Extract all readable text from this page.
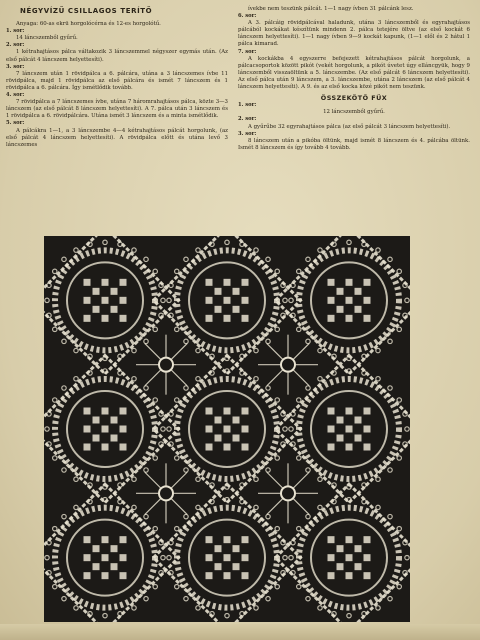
NÉGYVÍZŰ CSILLAGOS TERÍTŐ

Anyaga: 60-as ekrü horgolócérna és 12-es horgolótű.

1. sor:

14 láncszemből gyűrű.

2. sor:

1 kétrahajtásos pálca váltakozik 3 láncszemmel négyszer egymás után. (Az első pálcát 4 láncszem helyettesíti).

3. sor:

7 láncszem után 1 rövidpálca a 6. pálcára, utána a 3 láncszemes ívbe 11 rövidpálca, majd 1 rövidpálca az első pálcára és ismét 7 láncszem és 1 rövidpálca a 6. pálcára. Így ismétlődik tovább.

4. sor:

7 rövidpálca a 7 láncszemes ívbe, utána 7 háromrahajtásos pálca, közte 3—3 láncszem (az első pálcát 8 láncszem helyettesíti). A 7. pálca után 3 láncszem és 1 rövidpálca a 6. rövidpálcára. Utána ismét 3 láncszem és a minta ismétlődik.

5. sor:

A pálcákra 1—1, a 3 láncszembe 4—4 kétrahajtásos pálcát horgolunk, (az első pálcát 4 láncszem helyettesíti). A rövidpálca előtt és utána levő 3 láncszemes

ívekbe nem teszünk pálcát. 1—1 nagy ívben 31 pálcánk lesz.

6. sor:

A 3. pálcáig rövidpálcával haladunk, utána 3 láncszemből és egyrahajtásos pálcából kockákat készítünk mindenn 2. pálca tetejére öltve (az első kockát 6 láncszem helyettesíti). 1—1 nagy ívben 9—9 kockát kapunk, (1—1 elől és 2 hátul 1 pálca kimarad.

7. sor:

A kockákba 4 egyszerre befejezett kétrahajtásos pálcát horgolunk, a pálcacsoportok között pikót (vekét horgolunk, a pikót úvetet úgy elláncgyük, hogy 9 láncszemből visszaöltünk a 5. láncszembe. (Az első pálcát 6 láncszem helyettesíti). Az első pálca után 9 láncszem, a 3. láncszembe, utána 2 láncszem (az első pálcát 4 láncszem helyettesíti). A 9. és az első kocka közé pikót nem teszünk.

ÖSSZEKÖTŐ FÜX

1. sor:

12 láncszemből gyűrű.

2. sor:

A gyűrűbe 32 egyrahajtásos pálca (az első pálcát 3 láncszem helyettesíti).

3. sor:

8 láncszem után a pikóba öltünk, majd ismét 8 láncszem és 4. pálcába öltünk. Ismét 8 láncszem és így tovább 4 tovább.
